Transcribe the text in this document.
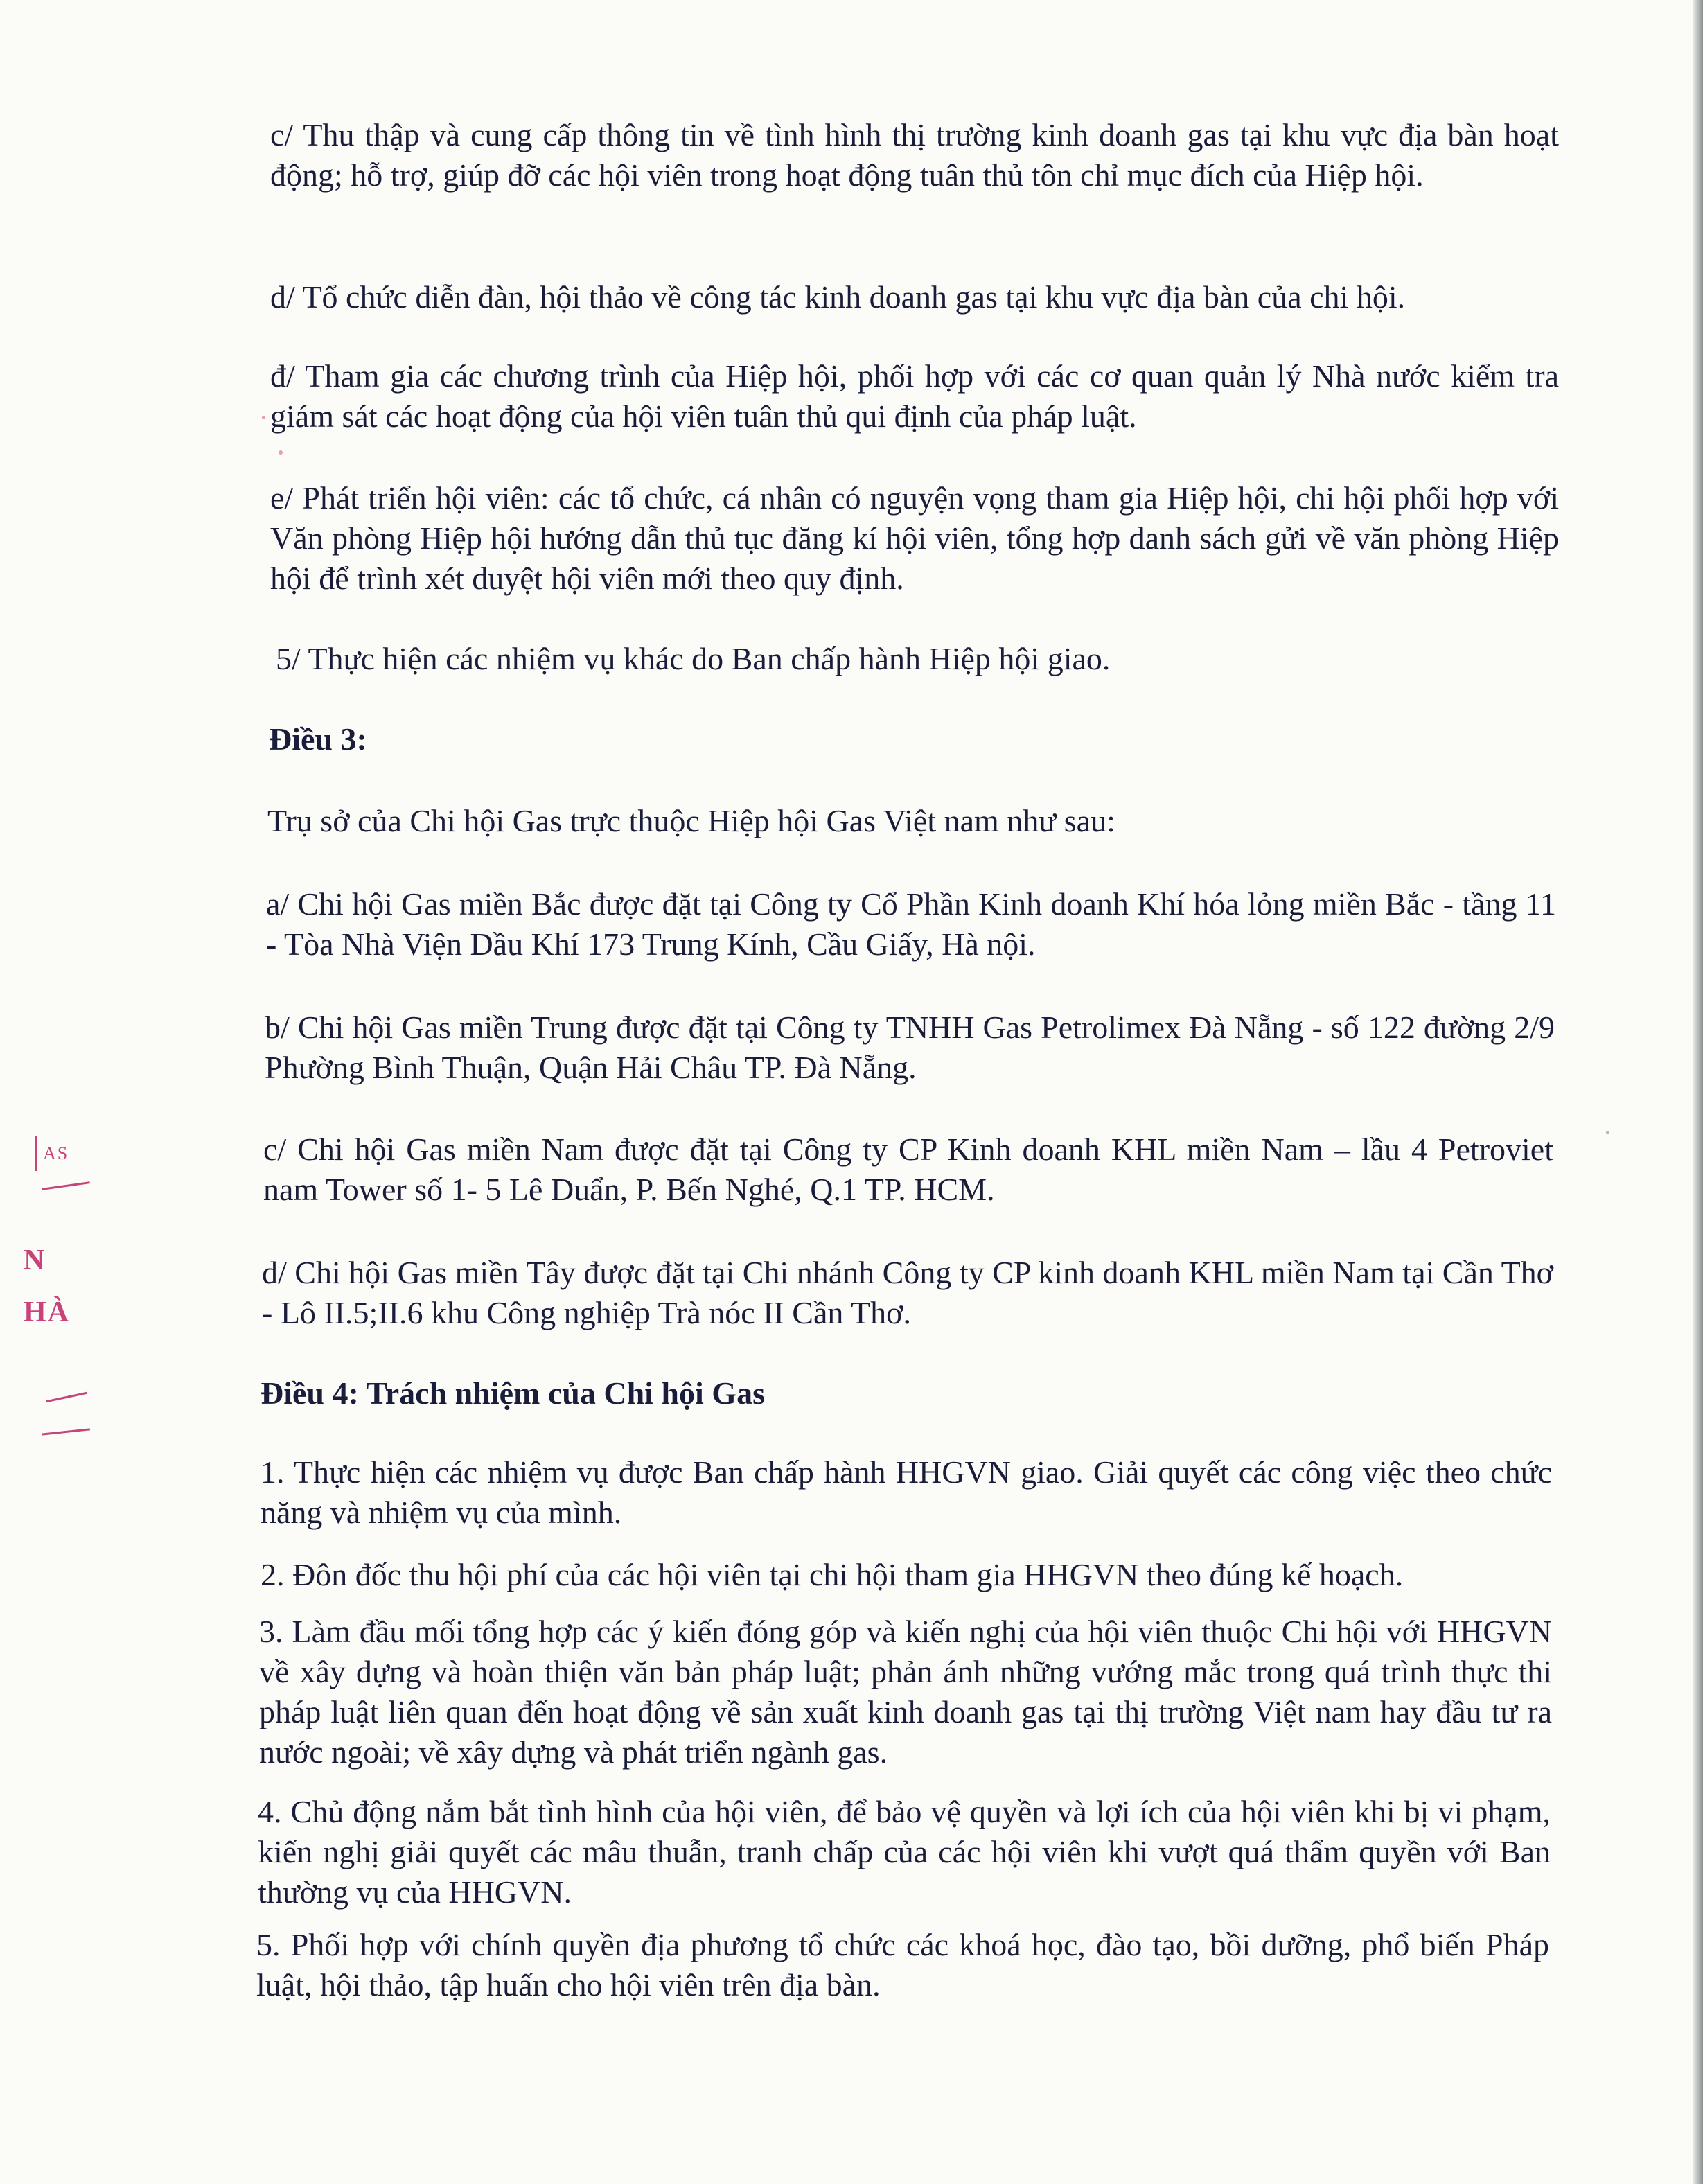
c/ Thu thập và cung cấp thông tin về tình hình thị trường kinh doanh gas tại khu vực địa bàn hoạt động; hỗ trợ, giúp đỡ các hội viên trong hoạt động tuân thủ tôn chỉ mục đích của Hiệp hội.

d/ Tổ chức diễn đàn, hội thảo về công tác kinh doanh gas tại khu vực địa bàn của chi hội.

đ/ Tham gia các chương trình của Hiệp hội, phối hợp với các cơ quan quản lý Nhà nước kiểm tra giám sát các hoạt động của hội viên tuân thủ qui định của pháp luật.

e/ Phát triển hội viên: các tổ chức, cá nhân có nguyện vọng tham gia Hiệp hội, chi hội phối hợp với Văn phòng Hiệp hội hướng dẫn thủ tục đăng kí hội viên, tổng hợp danh sách gửi về văn phòng Hiệp hội để trình xét duyệt hội viên mới theo quy định.

5/ Thực hiện các nhiệm vụ khác do Ban chấp hành Hiệp hội giao.

Điều 3:

Trụ sở của Chi hội Gas trực thuộc Hiệp hội Gas Việt nam như sau:

a/ Chi hội Gas miền Bắc được đặt tại Công ty Cổ Phần Kinh doanh Khí hóa lỏng miền Bắc - tầng 11 - Tòa Nhà Viện Dầu Khí 173 Trung Kính, Cầu Giấy, Hà nội.

b/ Chi hội Gas miền Trung được đặt tại Công ty TNHH Gas Petrolimex Đà Nẵng - số 122 đường 2/9 Phường Bình Thuận, Quận Hải Châu TP. Đà Nẵng.

c/ Chi hội Gas miền Nam được đặt tại Công ty CP Kinh doanh KHL miền Nam – lầu 4 Petroviet nam Tower số 1- 5 Lê Duẩn, P. Bến Nghé, Q.1 TP. HCM.

d/ Chi hội Gas miền Tây được đặt tại Chi nhánh Công ty CP kinh doanh KHL miền Nam tại Cần Thơ - Lô II.5;II.6 khu Công nghiệp Trà nóc II Cần Thơ.

Điều 4: Trách nhiệm của Chi hội Gas

1. Thực hiện các nhiệm vụ được Ban chấp hành HHGVN giao. Giải quyết các công việc theo chức năng và nhiệm vụ của mình.

2. Đôn đốc thu hội phí của các hội viên tại chi hội tham gia HHGVN theo đúng kế hoạch.

3. Làm đầu mối tổng hợp các ý kiến đóng góp và kiến nghị của hội viên thuộc Chi hội với HHGVN về xây dựng và hoàn thiện văn bản pháp luật; phản ánh những vướng mắc trong quá trình thực thi pháp luật liên quan đến hoạt động về sản xuất kinh doanh gas tại thị trường Việt nam hay đầu tư ra nước ngoài; về xây dựng và phát triển ngành gas.

4. Chủ động nắm bắt tình hình của hội viên, để bảo vệ quyền và lợi ích của hội viên khi bị vi phạm, kiến nghị giải quyết các mâu thuẫn, tranh chấp của các hội viên khi vượt quá thẩm quyền với Ban thường vụ của HHGVN.

5. Phối hợp với chính quyền địa phương tổ chức các khoá học, đào tạo, bồi dưỡng, phổ biến Pháp luật, hội thảo, tập huấn cho hội viên trên địa bàn.

AS
N
HÀ
